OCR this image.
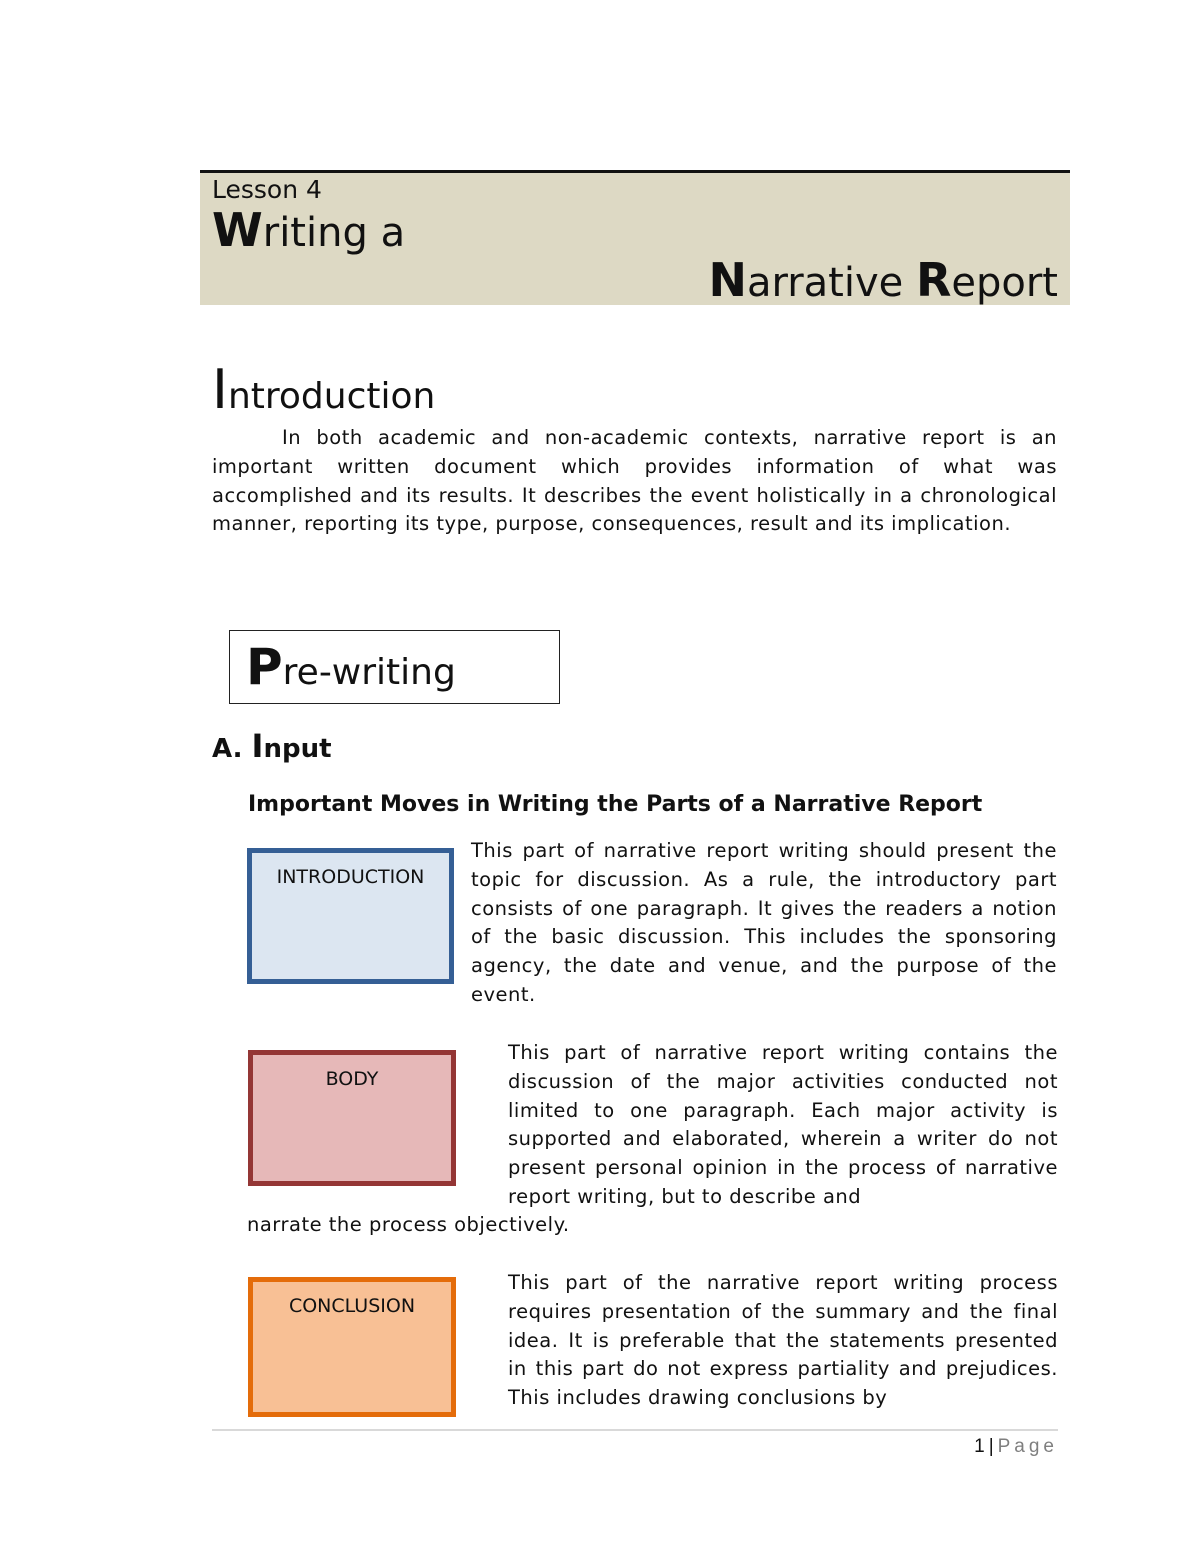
Lesson 4
Writing a
Narrative Report
Introduction

In both academic and non-academic contexts, narrative report is an important written document which provides information of what was accomplished and its results. It describes the event holistically in a chronological manner, reporting its type, purpose, consequences, result and its implication.

Pre-writing
A. Input
Important Moves in Writing the Parts of a Narrative Report
INTRODUCTION

This part of narrative report writing should present the topic for discussion. As a rule, the introductory part consists of one paragraph. It gives the readers a notion of the basic discussion. This includes the sponsoring agency, the date and venue, and the purpose of the event.

BODY

This part of narrative report writing contains the discussion of the major activities conducted not limited to one paragraph. Each major activity is supported and elaborated, wherein a writer do not present personal opinion in the process of narrative report writing, but to describe and

narrate the process objectively.

CONCLUSION

This part of the narrative report writing process requires presentation of the summary and the final idea. It is preferable that the statements presented in this part do not express partiality and prejudices. This includes drawing conclusions by

1 | Page
